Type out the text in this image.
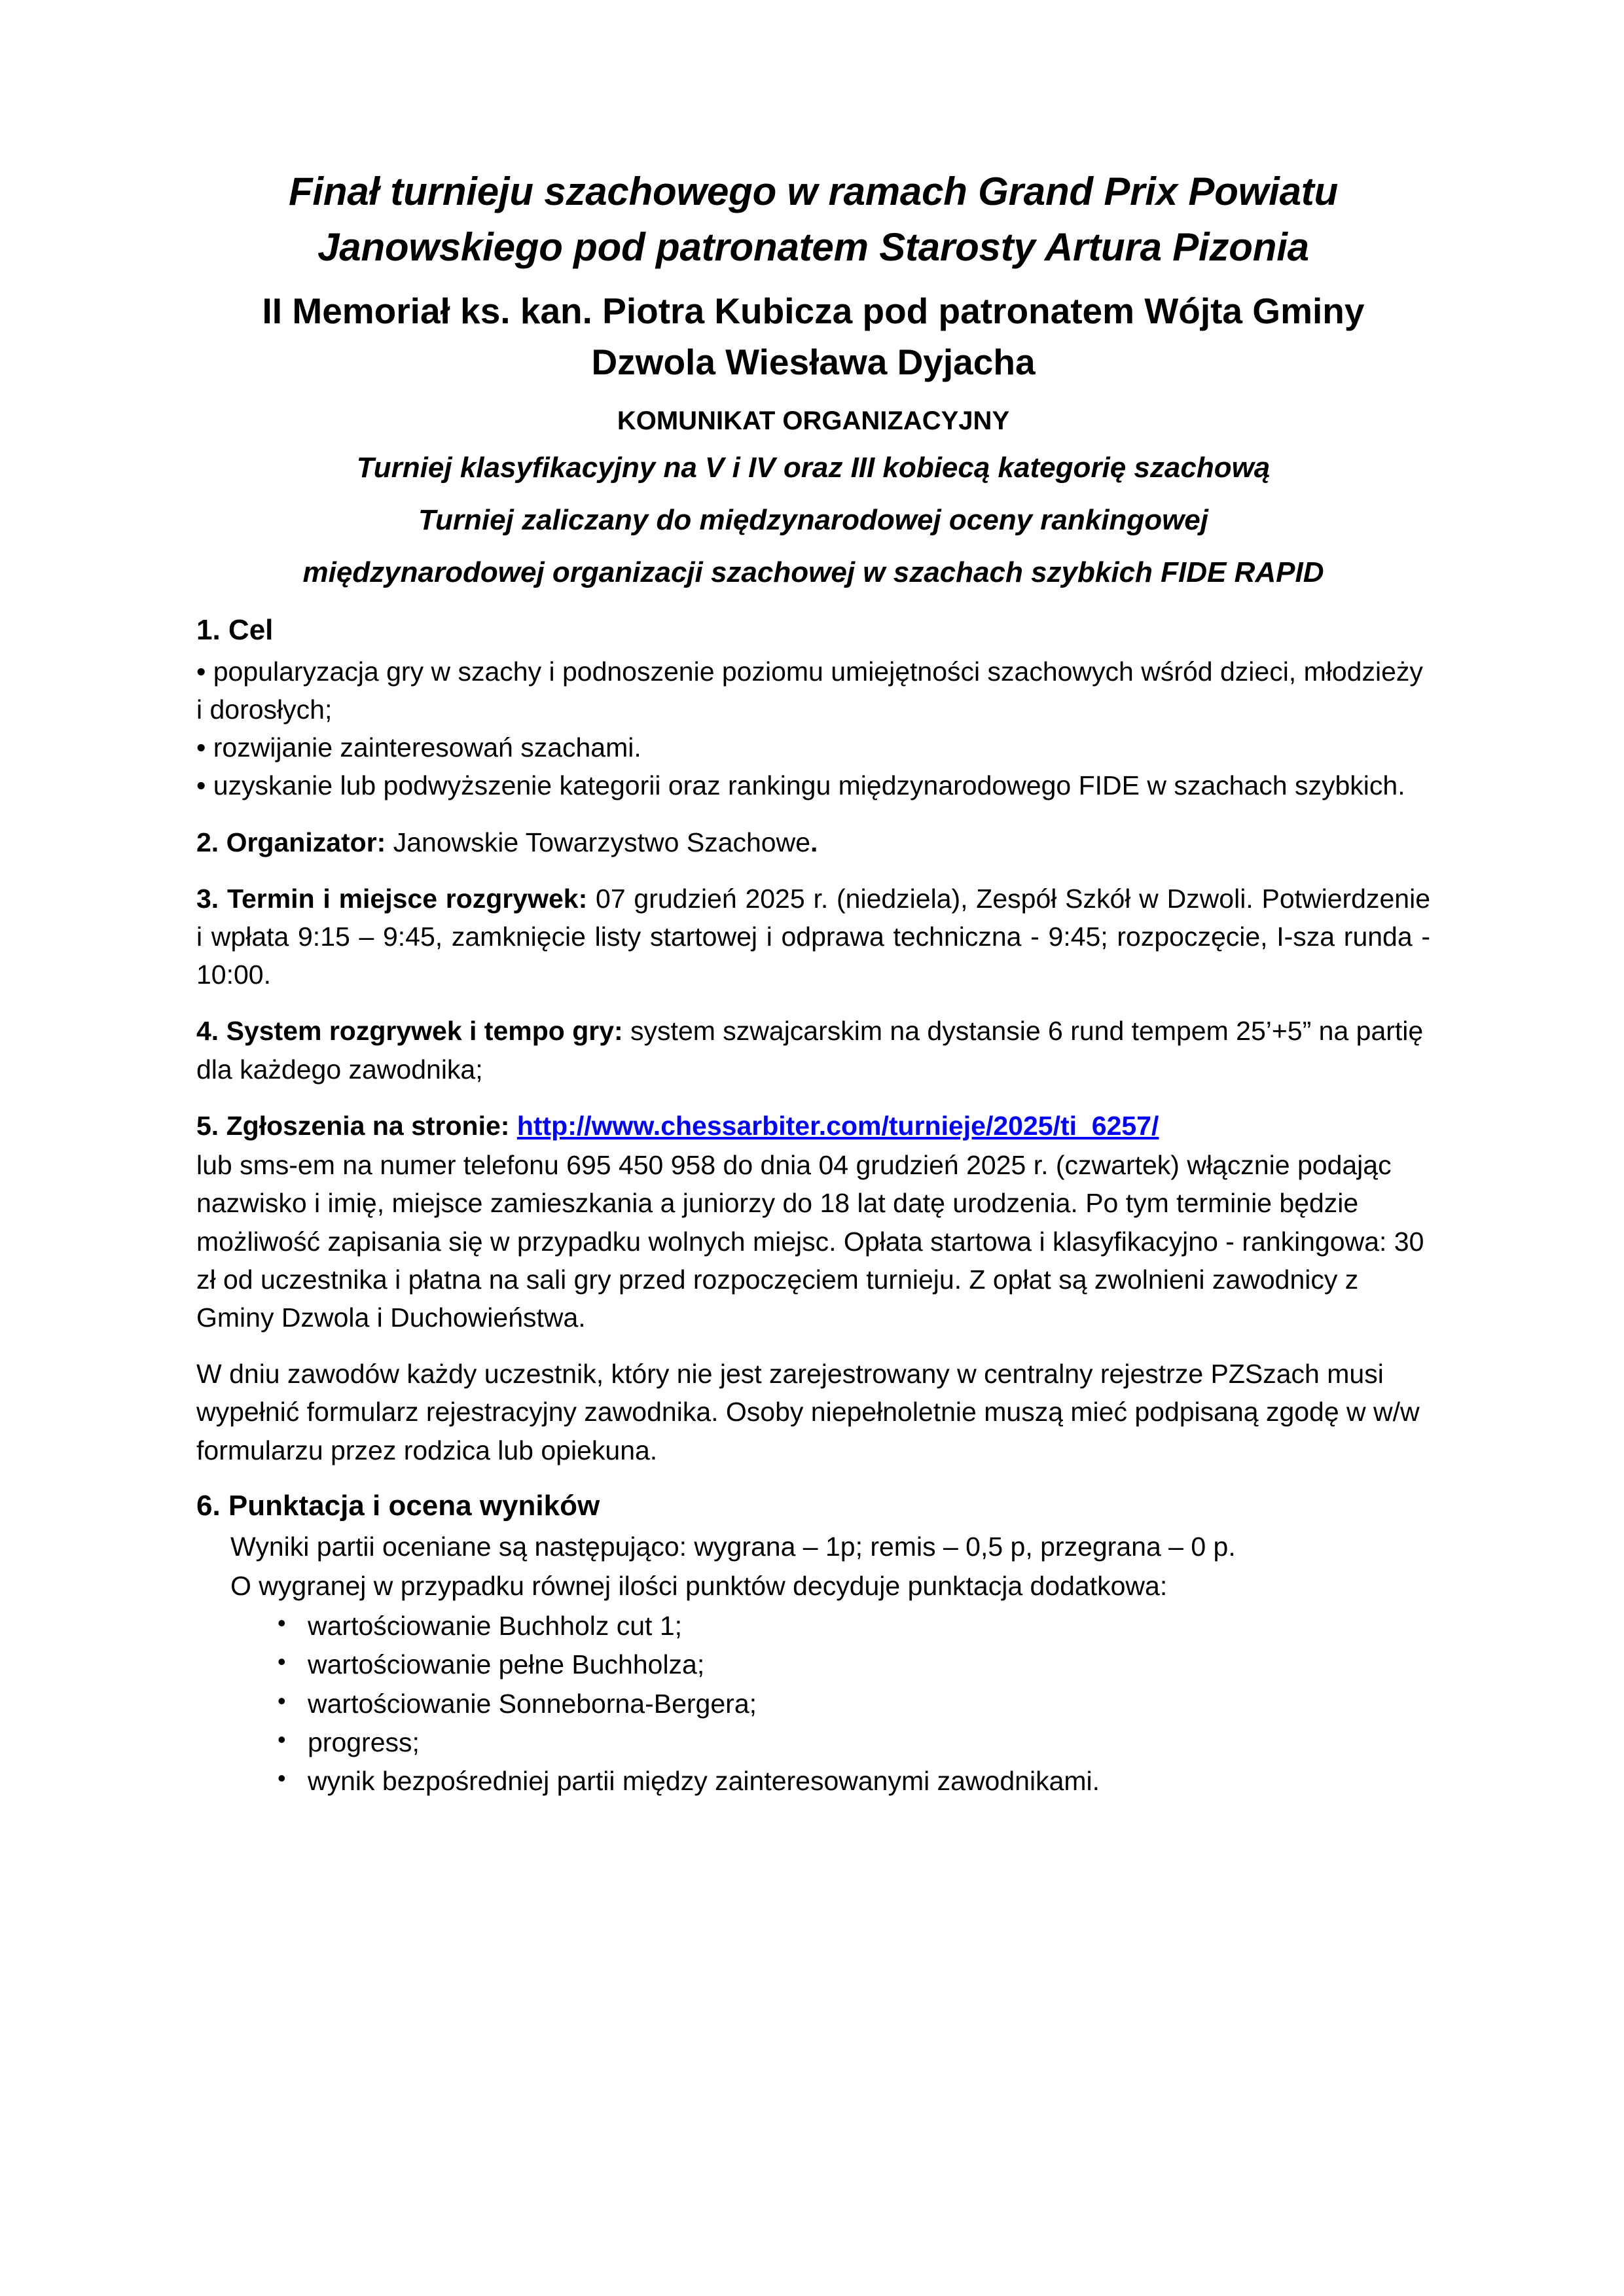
Finał turnieju szachowego w ramach Grand Prix Powiatu
Janowskiego pod patronatem Starosty Artura Pizonia
II Memoriał ks. kan. Piotra Kubicza pod patronatem Wójta Gminy
Dzwola Wiesława Dyjacha
KOMUNIKAT ORGANIZACYJNY
Turniej klasyfikacyjny na V i IV oraz III kobiecą kategorię szachową
Turniej zaliczany do międzynarodowej oceny rankingowej
międzynarodowej organizacji szachowej w szachach szybkich FIDE RAPID
1. Cel
• popularyzacja gry w szachy i podnoszenie poziomu umiejętności szachowych wśród dzieci, młodzieży i dorosłych;
• rozwijanie zainteresowań szachami.
• uzyskanie lub podwyższenie kategorii oraz rankingu międzynarodowego FIDE w szachach szybkich.

2. Organizator: Janowskie Towarzystwo Szachowe.

3. Termin i miejsce rozgrywek: 07 grudzień 2025 r. (niedziela), Zespół Szkół w Dzwoli. Potwierdzenie i wpłata 9:15 – 9:45, zamknięcie listy startowej i odprawa techniczna - 9:45; rozpoczęcie, I-sza runda - 10:00.

4. System rozgrywek i tempo gry: system szwajcarskim na dystansie 6 rund tempem 25’+5” na partię dla każdego zawodnika;

5. Zgłoszenia na stronie: http://www.chessarbiter.com/turnieje/2025/ti_6257/

lub sms-em na numer telefonu 695 450 958 do dnia 04 grudzień 2025 r. (czwartek) włącznie podając nazwisko i imię, miejsce zamieszkania a juniorzy do 18 lat datę urodzenia. Po tym terminie będzie możliwość zapisania się w przypadku wolnych miejsc. Opłata startowa i klasyfikacyjno - rankingowa: 30 zł od uczestnika i płatna na sali gry przed rozpoczęciem turnieju. Z opłat są zwolnieni zawodnicy z Gminy Dzwola i Duchowieństwa.

W dniu zawodów każdy uczestnik, który nie jest zarejestrowany w centralny rejestrze PZSzach musi wypełnić formularz rejestracyjny zawodnika. Osoby niepełnoletnie muszą mieć podpisaną zgodę w w/w formularzu przez rodzica lub opiekuna.

6. Punktacja i ocena wyników

Wyniki partii oceniane są następująco: wygrana – 1p; remis – 0,5 p, przegrana – 0 p.

O wygranej w przypadku równej ilości punktów decyduje punktacja dodatkowa:

• wartościowanie Buchholz cut 1;
• wartościowanie pełne Buchholza;
• wartościowanie Sonneborna-Bergera;
• progress;
• wynik bezpośredniej partii między zainteresowanymi zawodnikami.
